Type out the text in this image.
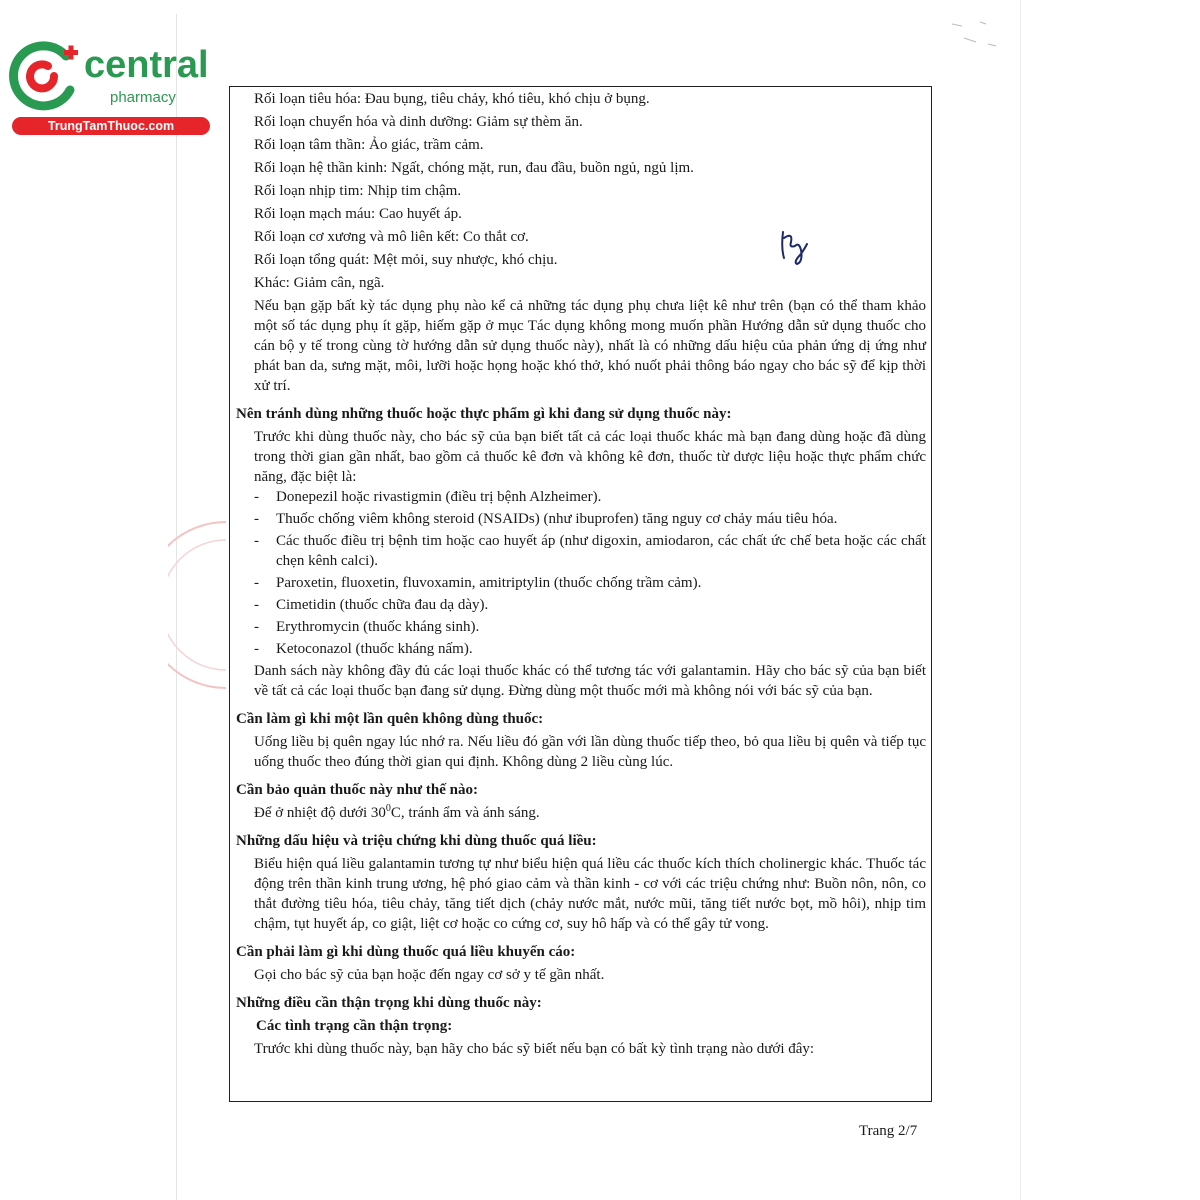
central
pharmacy
TrungTamThuoc.com

Rối loạn tiêu hóa: Đau bụng, tiêu chảy, khó tiêu, khó chịu ở bụng.

Rối loạn chuyển hóa và dinh dưỡng: Giảm sự thèm ăn.

Rối loạn tâm thần: Ảo giác, trầm cảm.

Rối loạn hệ thần kinh: Ngất, chóng mặt, run, đau đầu, buồn ngủ, ngủ lịm.

Rối loạn nhịp tim: Nhịp tim chậm.

Rối loạn mạch máu: Cao huyết áp.

Rối loạn cơ xương và mô liên kết: Co thắt cơ.

Rối loạn tổng quát: Mệt mỏi, suy nhược, khó chịu.

Khác: Giảm cân, ngã.

Nếu bạn gặp bất kỳ tác dụng phụ nào kể cả những tác dụng phụ chưa liệt kê như trên (bạn có thể tham khảo một số tác dụng phụ ít gặp, hiếm gặp ở mục Tác dụng không mong muốn phần Hướng dẫn sử dụng thuốc cho cán bộ y tế trong cùng tờ hướng dẫn sử dụng thuốc này), nhất là có những dấu hiệu của phản ứng dị ứng như phát ban da, sưng mặt, môi, lưỡi hoặc họng hoặc khó thở, khó nuốt phải thông báo ngay cho bác sỹ để kịp thời xử trí.

Nên tránh dùng những thuốc hoặc thực phẩm gì khi đang sử dụng thuốc này:

Trước khi dùng thuốc này, cho bác sỹ của bạn biết tất cả các loại thuốc khác mà bạn đang dùng hoặc đã dùng trong thời gian gần nhất, bao gồm cả thuốc kê đơn và không kê đơn, thuốc từ dược liệu hoặc thực phẩm chức năng, đặc biệt là:

- Donepezil hoặc rivastigmin (điều trị bệnh Alzheimer).
- Thuốc chống viêm không steroid (NSAIDs) (như ibuprofen) tăng nguy cơ chảy máu tiêu hóa.
- Các thuốc điều trị bệnh tim hoặc cao huyết áp (như digoxin, amiodaron, các chất ức chế beta hoặc các chất chẹn kênh calci).
- Paroxetin, fluoxetin, fluvoxamin, amitriptylin (thuốc chống trầm cảm).
- Cimetidin (thuốc chữa đau dạ dày).
- Erythromycin (thuốc kháng sinh).
- Ketoconazol (thuốc kháng nấm).

Danh sách này không đầy đủ các loại thuốc khác có thể tương tác với galantamin. Hãy cho bác sỹ của bạn biết về tất cả các loại thuốc bạn đang sử dụng. Đừng dùng một thuốc mới mà không nói với bác sỹ của bạn.

Cần làm gì khi một lần quên không dùng thuốc:

Uống liều bị quên ngay lúc nhớ ra. Nếu liều đó gần với lần dùng thuốc tiếp theo, bỏ qua liều bị quên và tiếp tục uống thuốc theo đúng thời gian qui định. Không dùng 2 liều cùng lúc.

Cần bảo quản thuốc này như thế nào:

Để ở nhiệt độ dưới $30^0C$, tránh ẩm và ánh sáng.

Những dấu hiệu và triệu chứng khi dùng thuốc quá liều:

Biểu hiện quá liều galantamin tương tự như biểu hiện quá liều các thuốc kích thích cholinergic khác. Thuốc tác động trên thần kinh trung ương, hệ phó giao cảm và thần kinh - cơ với các triệu chứng như: Buồn nôn, nôn, co thắt đường tiêu hóa, tiêu chảy, tăng tiết dịch (chảy nước mắt, nước mũi, tăng tiết nước bọt, mồ hôi), nhịp tim chậm, tụt huyết áp, co giật, liệt cơ hoặc co cứng cơ, suy hô hấp và có thể gây tử vong.

Cần phải làm gì khi dùng thuốc quá liều khuyến cáo:

Gọi cho bác sỹ của bạn hoặc đến ngay cơ sở y tế gần nhất.

Những điều cần thận trọng khi dùng thuốc này:
Các tình trạng cần thận trọng:

Trước khi dùng thuốc này, bạn hãy cho bác sỹ biết nếu bạn có bất kỳ tình trạng nào dưới đây:

Trang 2/7
